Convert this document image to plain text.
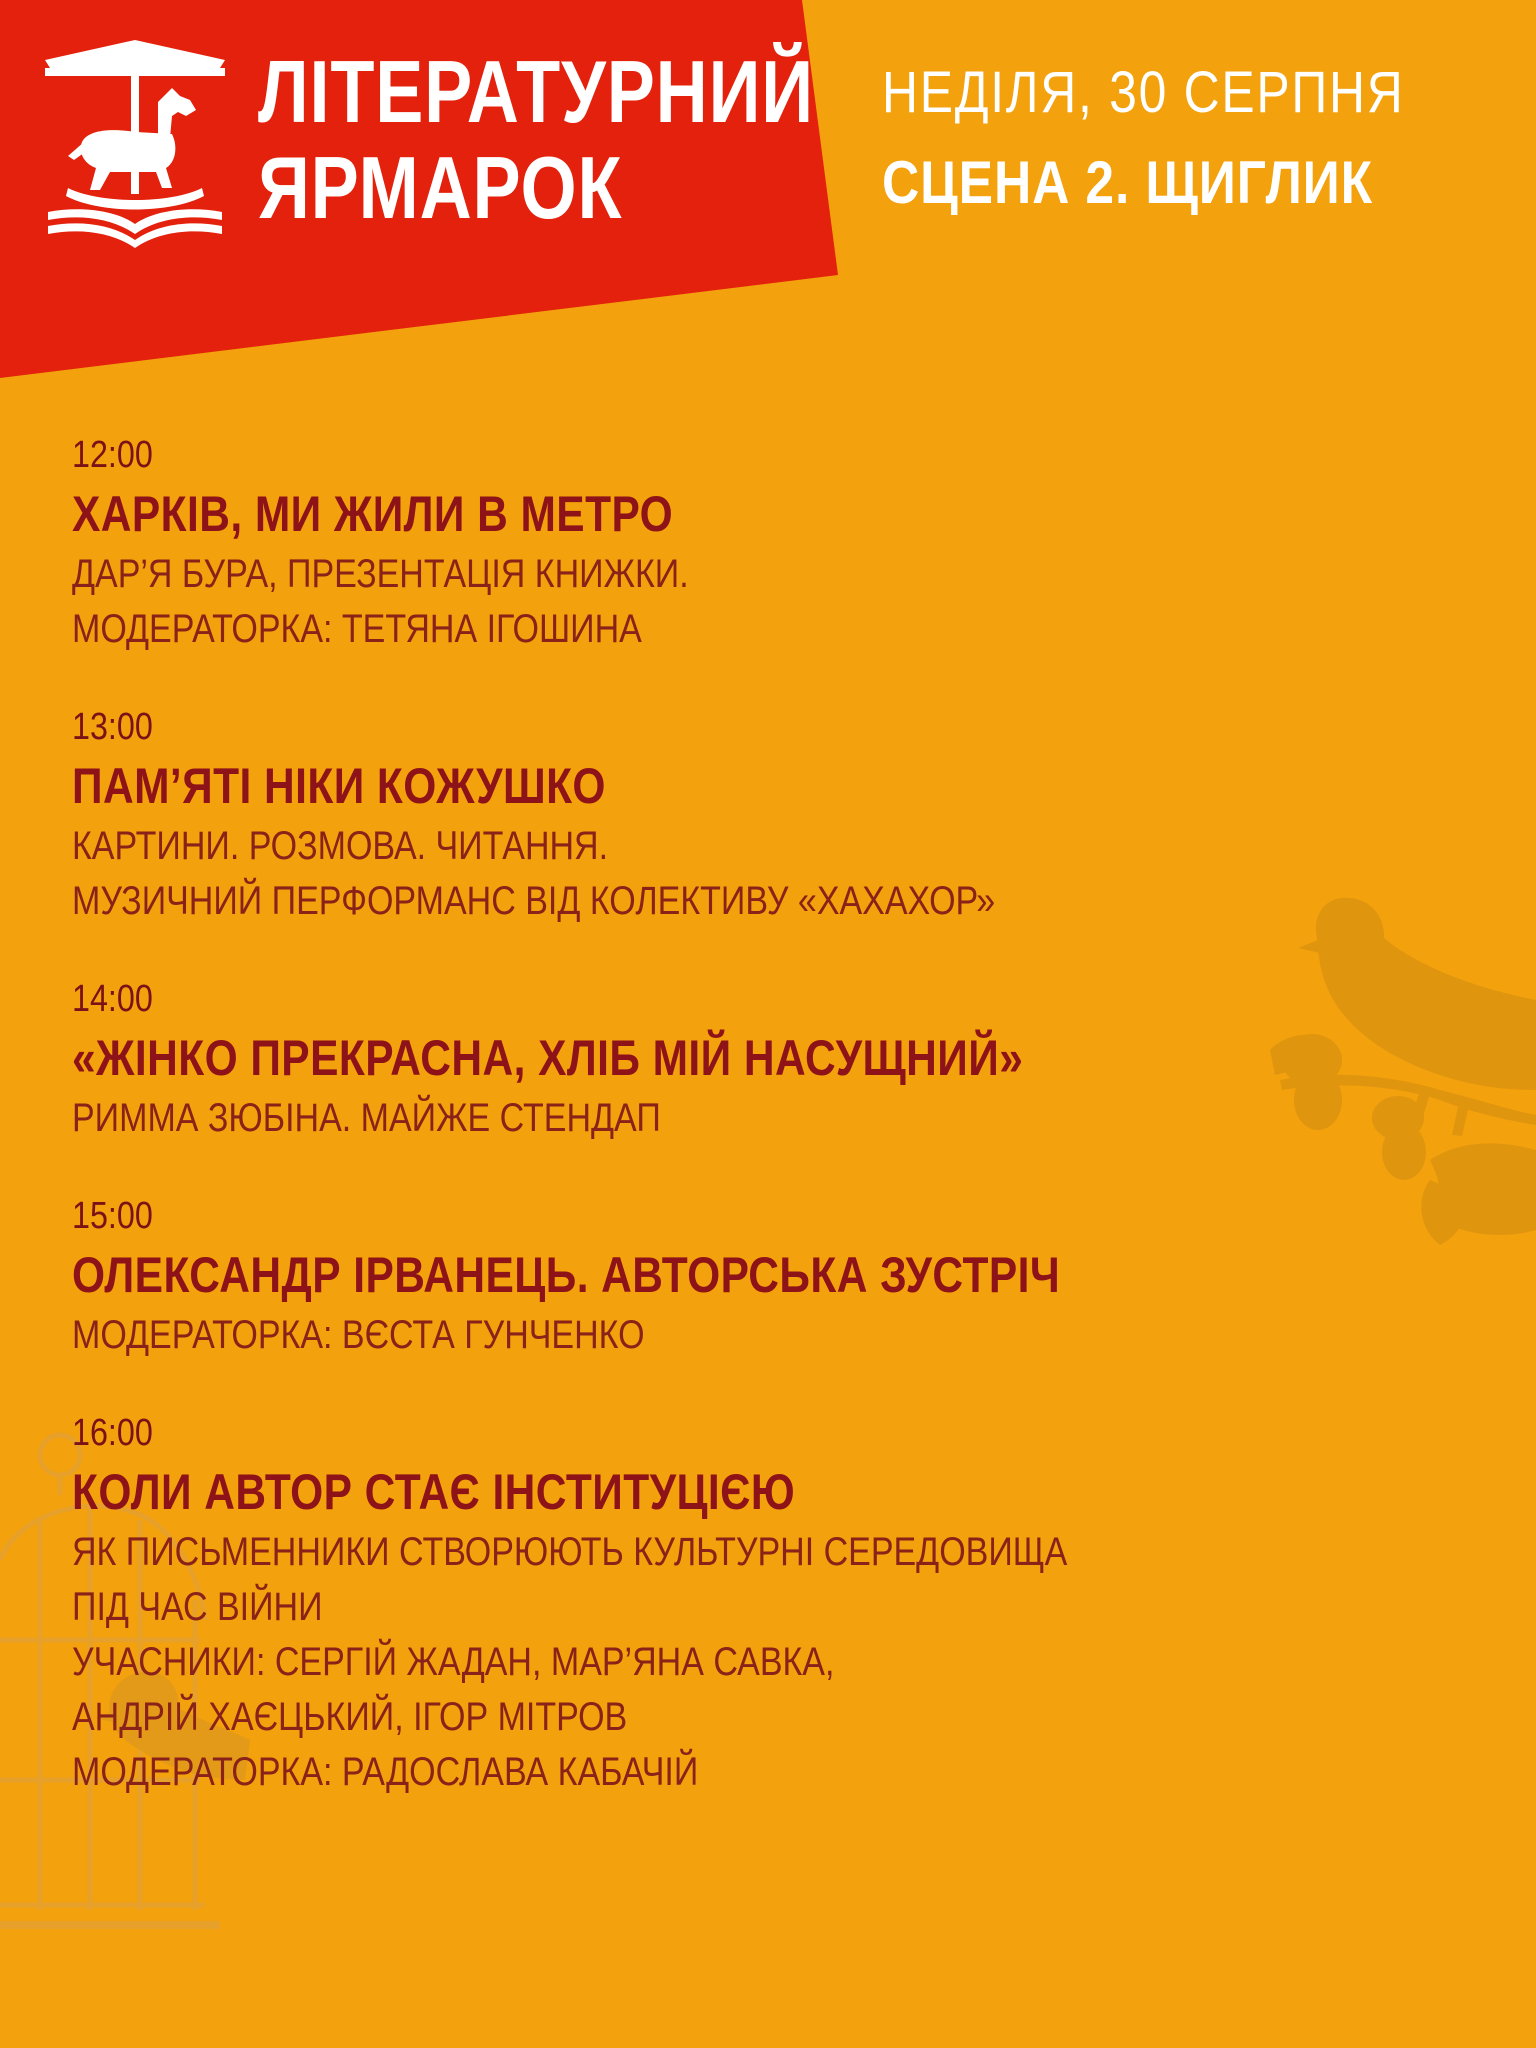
ЛІТЕРАТУРНИЙ
ЯРМАРОК
НЕДІЛЯ, 30 СЕРПНЯ
СЦЕНА 2. ЩИГЛИК
12:00
ХАРКІВ, МИ ЖИЛИ В МЕТРО
ДАР’Я БУРА, ПРЕЗЕНТАЦІЯ КНИЖКИ.
МОДЕРАТОРКА: ТЕТЯНА ІГОШИНА
13:00
ПАМ’ЯТІ НІКИ КОЖУШКО
КАРТИНИ. РОЗМОВА. ЧИТАННЯ.
МУЗИЧНИЙ ПЕРФОРМАНС ВІД КОЛЕКТИВУ «ХАХАХОР»
14:00
«ЖІНКО ПРЕКРАСНА, ХЛІБ МІЙ НАСУЩНИЙ»
РИММА ЗЮБІНА. МАЙЖЕ СТЕНДАП
15:00
ОЛЕКСАНДР ІРВАНЕЦЬ. АВТОРСЬКА ЗУСТРІЧ
МОДЕРАТОРКА: ВЄСТА ГУНЧЕНКО
16:00
КОЛИ АВТОР СТАЄ ІНСТИТУЦІЄЮ
ЯК ПИСЬМЕННИКИ СТВОРЮЮТЬ КУЛЬТУРНІ СЕРЕДОВИЩА
ПІД ЧАС ВІЙНИ
УЧАСНИКИ: СЕРГІЙ ЖАДАН, МАР’ЯНА САВКА,
АНДРІЙ ХАЄЦЬКИЙ, ІГОР МІТРОВ
МОДЕРАТОРКА: РАДОСЛАВА КАБАЧІЙ
